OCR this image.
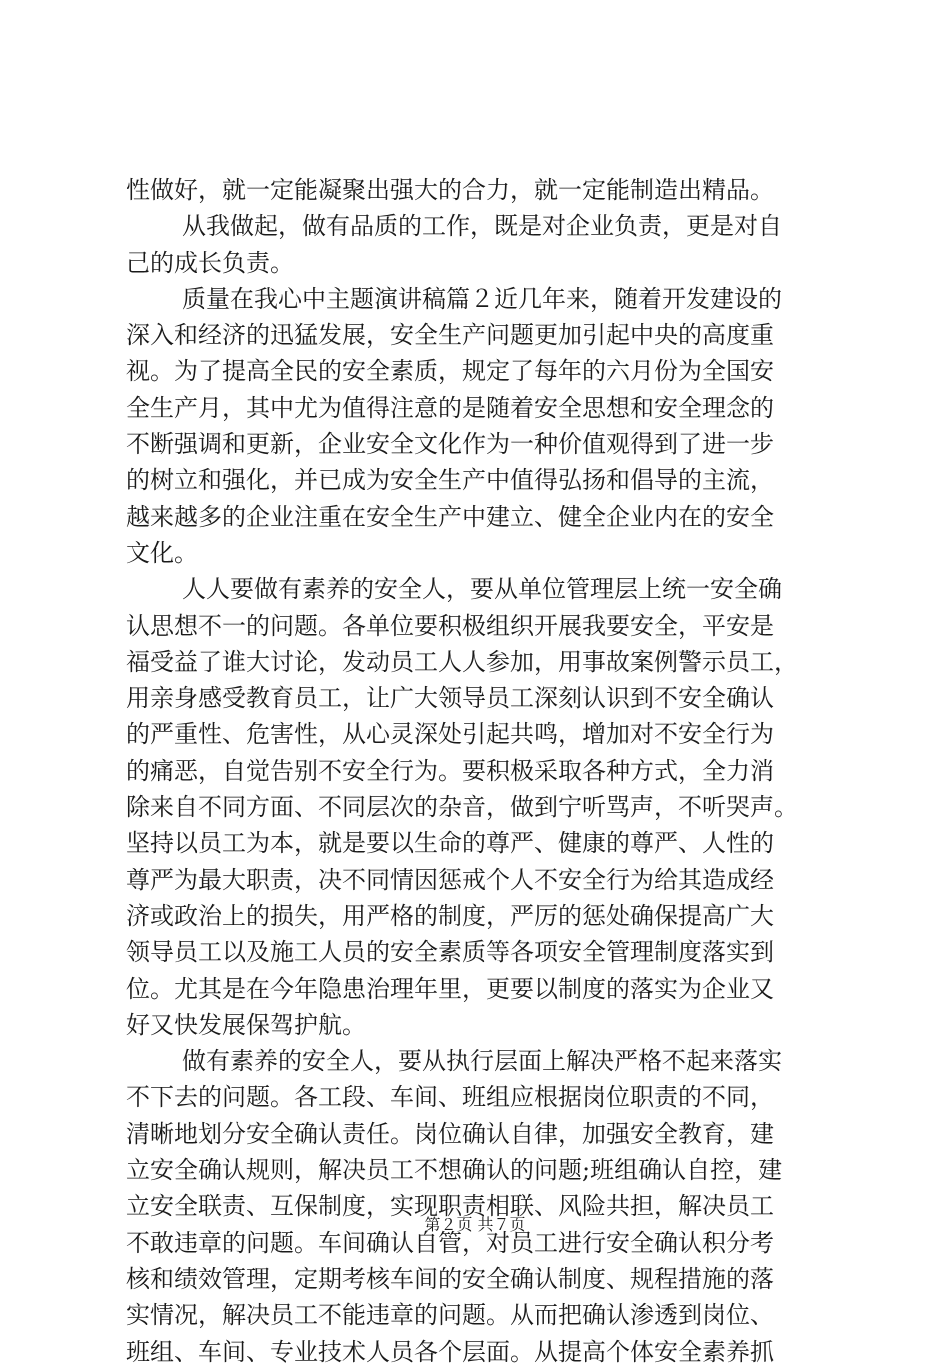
性做好，就一定能凝聚出强大的合力，就一定能制造出精品。
从我做起，做有品质的工作，既是对企业负责，更是对自
己的成长负责。
质量在我心中主题演讲稿篇２近几年来，随着开发建设的
深入和经济的迅猛发展，安全生产问题更加引起中央的高度重
视。为了提高全民的安全素质，规定了每年的六月份为全国安
全生产月，其中尤为值得注意的是随着安全思想和安全理念的
不断强调和更新，企业安全文化作为一种价值观得到了进一步
的树立和强化，并已成为安全生产中值得弘扬和倡导的主流，
越来越多的企业注重在安全生产中建立、健全企业内在的安全
文化。
人人要做有素养的安全人，要从单位管理层上统一安全确
认思想不一的问题。各单位要积极组织开展我要安全，平安是
福受益了谁大讨论，发动员工人人参加，用事故案例警示员工，
用亲身感受教育员工，让广大领导员工深刻认识到不安全确认
的严重性、危害性，从心灵深处引起共鸣，增加对不安全行为
的痛恶，自觉告别不安全行为。要积极采取各种方式，全力消
除来自不同方面、不同层次的杂音，做到宁听骂声，不听哭声。
坚持以员工为本，就是要以生命的尊严、健康的尊严、人性的
尊严为最大职责，决不同情因惩戒个人不安全行为给其造成经
济或政治上的损失，用严格的制度，严厉的惩处确保提高广大
领导员工以及施工人员的安全素质等各项安全管理制度落实到
位。尤其是在今年隐患治理年里，更要以制度的落实为企业又
好又快发展保驾护航。
做有素养的安全人，要从执行层面上解决严格不起来落实
不下去的问题。各工段、车间、班组应根据岗位职责的不同，
清晰地划分安全确认责任。岗位确认自律，加强安全教育，建
立安全确认规则，解决员工不想确认的问题;班组确认自控，建
立安全联责、互保制度，实现职责相联、风险共担，解决员工
不敢违章的问题。车间确认自管，对员工进行安全确认积分考
核和绩效管理，定期考核车间的安全确认制度、规程措施的落
实情况，解决员工不能违章的问题。从而把确认渗透到岗位、
班组、车间、专业技术人员各个层面。从提高个体安全素养抓
第２页 共７页
